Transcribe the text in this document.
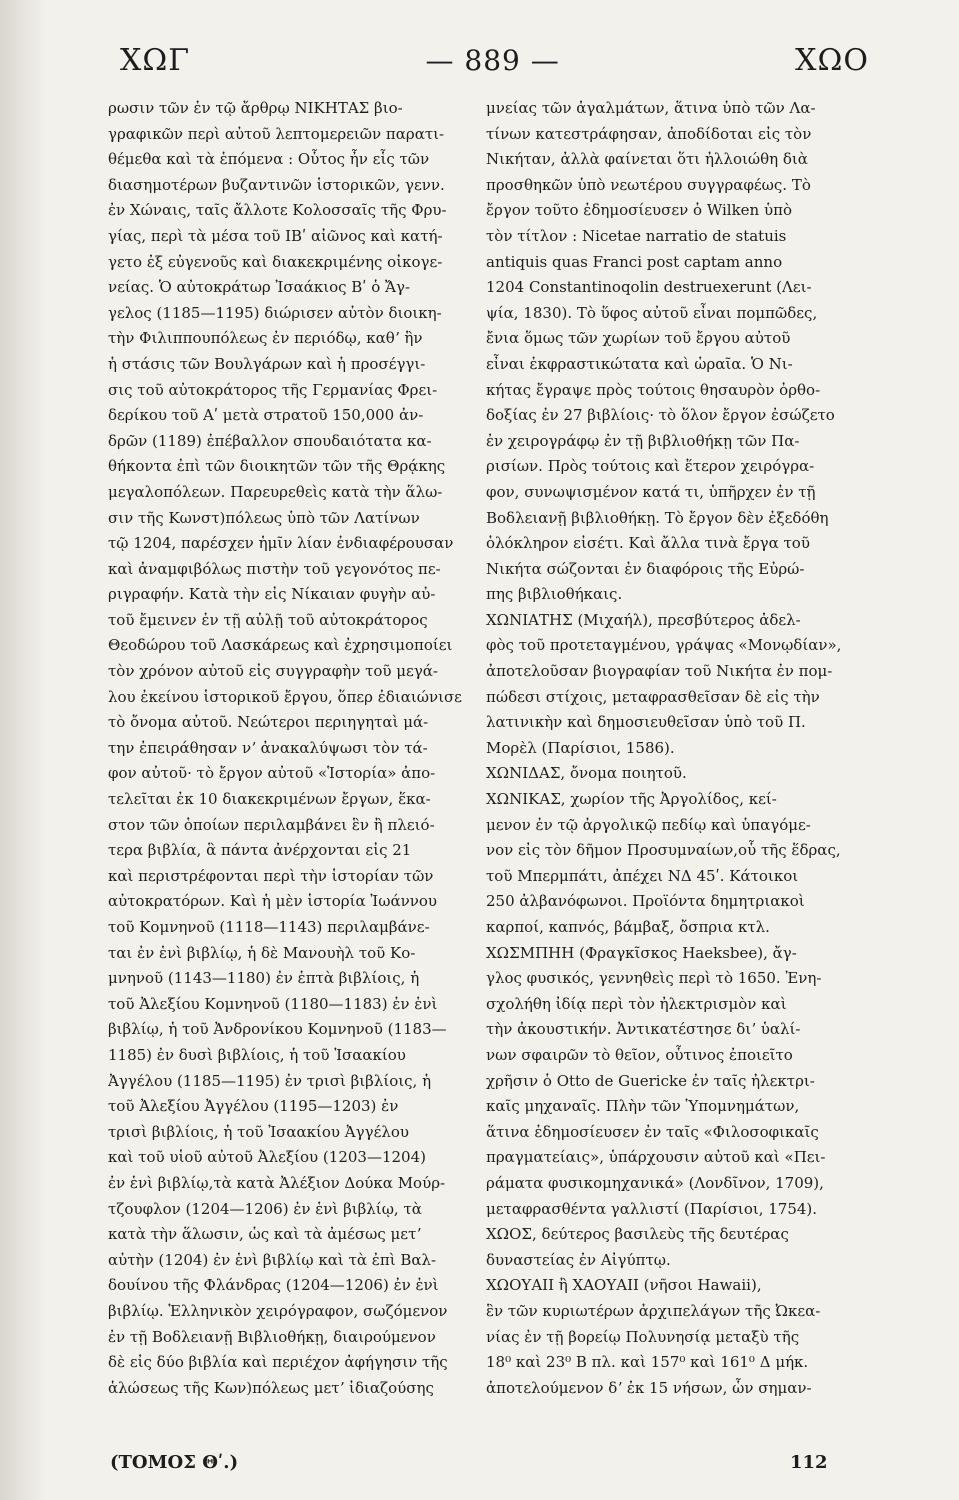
ΧΩΓ	— 889 —	ΧΩΟ
ρωσιν τῶν ἐν τῷ ἄρθρῳ ΝΙΚΗΤΑΣ βιο-
γραφικῶν περὶ αὐτοῦ λεπτομερειῶν παρατι-
θέμεθα καὶ τὰ ἑπόμενα : Οὗτος ἦν εἷς τῶν
διασημοτέρων βυζαντινῶν ἱστορικῶν, γενν.
ἐν Χώναις, ταῖς ἄλλοτε Κολοσσαῖς τῆς Φρυ-
γίας, περὶ τὰ μέσα τοῦ ΙΒʹ αἰῶνος καὶ κατή-
γετο ἐξ εὐγενοῦς καὶ διακεκριμένης οἰκογε-
νείας. Ὁ αὐτοκράτωρ Ἰσαάκιος Βʹ ὁ Ἄγ-
γελος (1185—1195) διώρισεν αὐτὸν διοικη-
τὴν Φιλιππουπόλεως ἐν περιόδῳ, καθʼ ἣν
ἡ στάσις τῶν Βουλγάρων καὶ ἡ προσέγγι-
σις τοῦ αὐτοκράτορος τῆς Γερμανίας Φρει-
δερίκου τοῦ Αʹ μετὰ στρατοῦ 150,000 ἀν-
δρῶν (1189) ἐπέβαλλον σπουδαιότατα κα-
θήκοντα ἐπὶ τῶν διοικητῶν τῶν τῆς Θρᾴκης
μεγαλοπόλεων. Παρευρεθεὶς κατὰ τὴν ἅλω-
σιν τῆς Κωνστ)πόλεως ὑπὸ τῶν Λατίνων
τῷ 1204, παρέσχεν ἡμῖν λίαν ἐνδιαφέρουσαν
καὶ ἀναμφιβόλως πιστὴν τοῦ γεγονότος πε-
ριγραφήν. Κατὰ τὴν εἰς Νίκαιαν φυγὴν αὐ-
τοῦ ἔμεινεν ἐν τῇ αὐλῇ τοῦ αὐτοκράτορος
Θεοδώρου τοῦ Λασκάρεως καὶ ἐχρησιμοποίει
τὸν χρόνον αὐτοῦ εἰς συγγραφὴν τοῦ μεγά-
λου ἐκείνου ἱστορικοῦ ἔργου, ὅπερ ἐδιαιώνισε
τὸ ὄνομα αὐτοῦ. Νεώτεροι περιηγηταὶ μά-
την ἐπειράθησαν νʼ ἀνακαλύψωσι τὸν τά-
φον αὐτοῦ· τὸ ἔργον αὐτοῦ «Ἱστορία» ἀπο-
τελεῖται ἐκ 10 διακεκριμένων ἔργων, ἕκα-
στον τῶν ὁποίων περιλαμβάνει ἓν ἢ πλειό-
τερα βιβλία, ἃ πάντα ἀνέρχονται εἰς 21
καὶ περιστρέφονται περὶ τὴν ἱστορίαν τῶν
αὐτοκρατόρων. Καὶ ἡ μὲν ἱστορία Ἰωάννου
τοῦ Κομνηνοῦ (1118—1143) περιλαμβάνε-
ται ἐν ἑνὶ βιβλίῳ, ἡ δὲ Μανουὴλ τοῦ Κο-
μνηνοῦ (1143—1180) ἐν ἑπτὰ βιβλίοις, ἡ
τοῦ Ἀλεξίου Κομνηνοῦ (1180—1183) ἐν ἑνὶ
βιβλίῳ, ἡ τοῦ Ἀνδρονίκου Κομνηνοῦ (1183—
1185) ἐν δυσὶ βιβλίοις, ἡ τοῦ Ἰσαακίου
Ἀγγέλου (1185—1195) ἐν τρισὶ βιβλίοις, ἡ
τοῦ Ἀλεξίου Ἀγγέλου (1195—1203) ἐν
τρισὶ βιβλίοις, ἡ τοῦ Ἰσαακίου Ἀγγέλου
καὶ τοῦ υἱοῦ αὐτοῦ Ἀλεξίου (1203—1204)
ἐν ἑνὶ βιβλίῳ,τὰ κατὰ Ἀλέξιον Δούκα Μούρ-
τζουφλον (1204—1206) ἐν ἑνὶ βιβλίῳ, τὰ
κατὰ τὴν ἅλωσιν, ὡς καὶ τὰ ἀμέσως μετʼ
αὐτὴν (1204) ἐν ἑνὶ βιβλίῳ καὶ τὰ ἐπὶ Βαλ-
δουίνου τῆς Φλάνδρας (1204—1206) ἐν ἑνὶ
βιβλίῳ. Ἑλληνικὸν χειρόγραφον, σωζόμενον
ἐν τῇ Βοδλειανῇ Βιβλιοθήκῃ, διαιρούμενον
δὲ εἰς δύο βιβλία καὶ περιέχον ἀφήγησιν τῆς
ἁλώσεως τῆς Κων)πόλεως μετʼ ἰδιαζούσης
μνείας τῶν ἀγαλμάτων, ἅτινα ὑπὸ τῶν Λα-
τίνων κατεστράφησαν, ἀποδίδοται εἰς τὸν
Νικήταν, ἀλλὰ φαίνεται ὅτι ἠλλοιώθη διὰ
προσθηκῶν ὑπὸ νεωτέρου συγγραφέως. Τὸ
ἔργον τοῦτο ἐδημοσίευσεν ὁ Wilken ὑπὸ
τὸν τίτλον : Nicetae narratio de statuis
antiquis quas Franci post captam anno
1204 Constantinoqolin destruexerunt (Λει-
ψία, 1830). Τὸ ὕφος αὐτοῦ εἶναι πομπῶδες,
ἔνια ὅμως τῶν χωρίων τοῦ ἔργου αὐτοῦ
εἶναι ἐκφραστικώτατα καὶ ὡραῖα. Ὁ Νι-
κήτας ἔγραψε πρὸς τούτοις θησαυρὸν ὀρθο-
δοξίας ἐν 27 βιβλίοις· τὸ ὅλον ἔργον ἐσώζετο
ἐν χειρογράφῳ ἐν τῇ βιβλιοθήκῃ τῶν Πα-
ρισίων. Πρὸς τούτοις καὶ ἕτερον χειρόγρα-
φον, συνωψισμένον κατά τι, ὑπῆρχεν ἐν τῇ
Βοδλειανῇ βιβλιοθήκῃ. Τὸ ἔργον δὲν ἐξεδόθη
ὁλόκληρον εἰσέτι. Καὶ ἄλλα τινὰ ἔργα τοῦ
Νικήτα σώζονται ἐν διαφόροις τῆς Εὐρώ-
πης βιβλιοθήκαις.
ΧΩΝΙΑΤΗΣ (Μιχαήλ), πρεσβύτερος ἀδελ-
φὸς τοῦ προτεταγμένου, γράψας «Μονῳδίαν»,
ἀποτελοῦσαν βιογραφίαν τοῦ Νικήτα ἐν πομ-
πώδεσι στίχοις, μεταφρασθεῖσαν δὲ εἰς τὴν
λατινικὴν καὶ δημοσιευθεῖσαν ὑπὸ τοῦ Π.
Μορὲλ (Παρίσιοι, 1586).
ΧΩΝΙΔΑΣ, ὄνομα ποιητοῦ.
ΧΩΝΙΚΑΣ, χωρίον τῆς Ἀργολίδος, κεί-
μενον ἐν τῷ ἀργολικῷ πεδίῳ καὶ ὑπαγόμε-
νον εἰς τὸν δῆμον Προσυμναίων,οὗ τῆς ἕδρας,
τοῦ Μπερμπάτι, ἀπέχει ΝΔ 45ʹ. Κάτοικοι
250 ἀλβανόφωνοι. Προϊόντα δημητριακοὶ
καρποί, καπνός, βάμβαξ, ὄσπρια κτλ.
ΧΩΣΜΠΗΗ (Φραγκῖσκος Haeksbee), ἄγ-
γλος φυσικός, γεννηθεὶς περὶ τὸ 1650. Ἐνη-
σχολήθη ἰδίᾳ περὶ τὸν ἠλεκτρισμὸν καὶ
τὴν ἀκουστικήν. Ἀντικατέστησε διʼ ὑαλί-
νων σφαιρῶν τὸ θεῖον, οὗτινος ἐποιεῖτο
χρῆσιν ὁ Otto de Guericke ἐν ταῖς ἠλεκτρι-
καῖς μηχαναῖς. Πλὴν τῶν Ὑπομνημάτων,
ἅτινα ἐδημοσίευσεν ἐν ταῖς «Φιλοσοφικαῖς
πραγματείαις», ὑπάρχουσιν αὐτοῦ καὶ «Πει-
ράματα φυσικομηχανικά» (Λονδῖνον, 1709),
μεταφρασθέντα γαλλιστί (Παρίσιοι, 1754).
ΧΩΟΣ, δεύτερος βασιλεὺς τῆς δευτέρας
δυναστείας ἐν Αἰγύπτῳ.
ΧΩΟΥΑΙΙ ἢ ΧΑΟΥΑΙΙ (νῆσοι Hawaii),
ἓν τῶν κυριωτέρων ἀρχιπελάγων τῆς Ὠκεα-
νίας ἐν τῇ βορείῳ Πολυνησίᾳ μεταξὺ τῆς
18⁰ καὶ 23⁰ Β πλ. καὶ 157⁰ καὶ 161⁰ Δ μήκ.
ἀποτελούμενον δʼ ἐκ 15 νήσων, ὧν σημαν-
(ΤΟΜΟΣ Θʹ.)	112
